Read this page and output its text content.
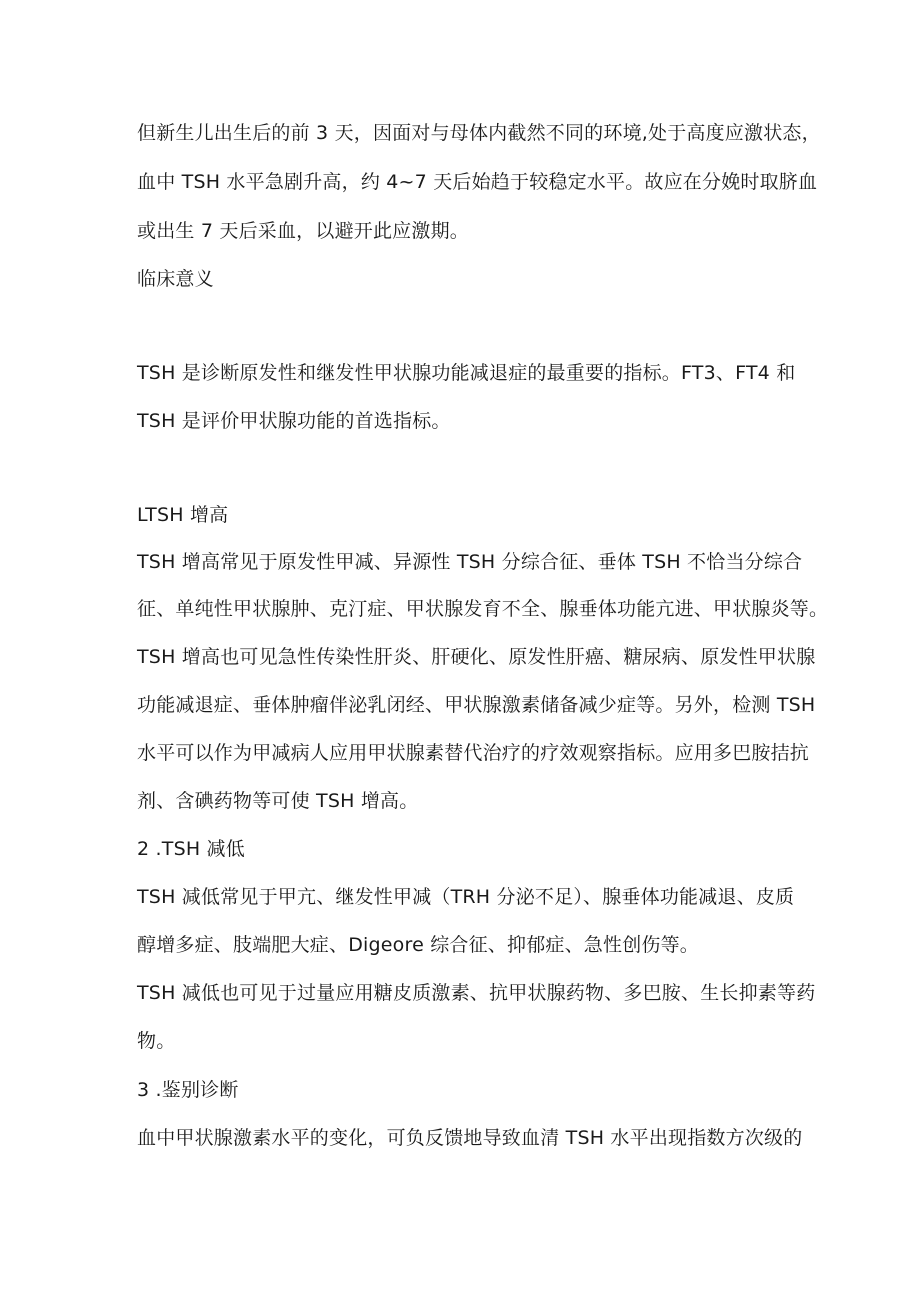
但新生儿出生后的前 3 天，因面对与母体内截然不同的环境,处于高度应激状态，
血中 TSH 水平急剧升高，约 4~7 天后始趋于较稳定水平。故应在分娩时取脐血
或出生 7 天后采血，以避开此应激期。
临床意义
TSH 是诊断原发性和继发性甲状腺功能减退症的最重要的指标。FT3、FT4 和
TSH 是评价甲状腺功能的首选指标。
LTSH 增高
TSH 增高常见于原发性甲减、异源性 TSH 分综合征、垂体 TSH 不恰当分综合
征、单纯性甲状腺肿、克汀症、甲状腺发育不全、腺垂体功能亢进、甲状腺炎等。
TSH 增高也可见急性传染性肝炎、肝硬化、原发性肝癌、糖尿病、原发性甲状腺
功能减退症、垂体肿瘤伴泌乳闭经、甲状腺激素储备减少症等。另外，检测 TSH
水平可以作为甲减病人应用甲状腺素替代治疗的疗效观察指标。应用多巴胺拮抗
剂、含碘药物等可使 TSH 增高。
2 .TSH 减低
TSH 减低常见于甲亢、继发性甲减（TRH 分泌不足）、腺垂体功能减退、皮质
醇增多症、肢端肥大症、Digeore 综合征、抑郁症、急性创伤等。
TSH 减低也可见于过量应用糖皮质激素、抗甲状腺药物、多巴胺、生长抑素等药
物。
3 .鉴别诊断
血中甲状腺激素水平的变化，可负反馈地导致血清 TSH 水平出现指数方次级的
